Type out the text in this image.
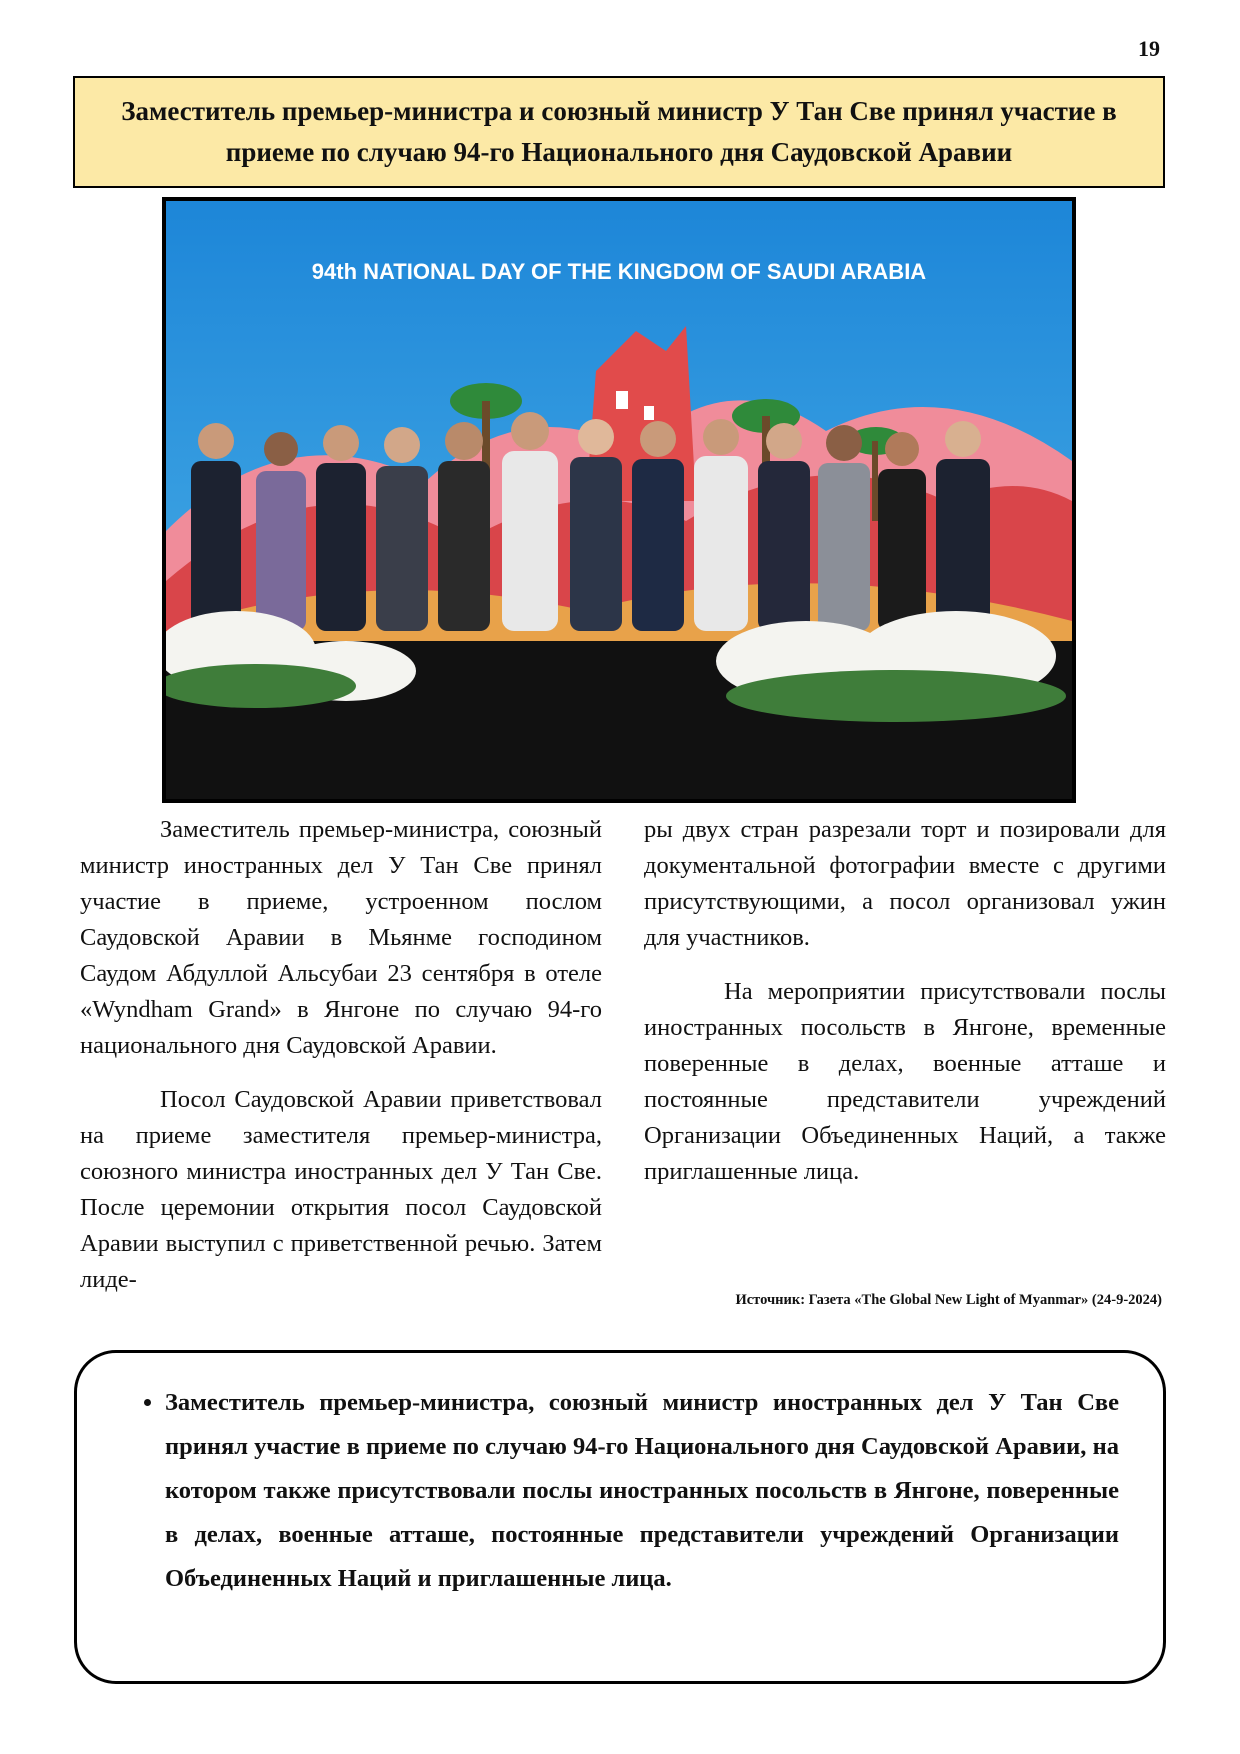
19
Заместитель премьер-министра и союзный министр У Тан Све принял участие в приеме по случаю 94-го Национального дня Саудовской Аравии
94th NATIONAL DAY OF THE KINGDOM OF SAUDI ARABIA

Заместитель премьер-министра, союзный министр иностранных дел У Тан Све принял участие в приеме, устроенном послом Саудовской Аравии в Мьянме господином Саудом Абдуллой Альсубаи 23 сентября в отеле «Wyndham Grand» в Янгоне по случаю 94-го национального дня Саудовской Аравии.

Посол Саудовской Аравии приветствовал на приеме заместителя премьер-министра, союзного министра иностранных дел У Тан Све. После церемонии открытия посол Саудовской Аравии выступил с приветственной речью. Затем лиде-

ры двух стран разрезали торт и позировали для документальной фотографии вместе с другими присутствующими, а посол организовал ужин для участников.

На мероприятии присутствовали послы иностранных посольств в Янгоне, временные поверенные в делах, военные атташе и постоянные представители учреждений Организации Объединенных Наций, а также приглашенные лица.

Источник: Газета «The Global New Light of Myanmar» (24-9-2024)
• Заместитель премьер-министра, союзный министр иностранных дел У Тан Све принял участие в приеме по случаю 94-го Национального дня Саудовской Аравии, на котором также присутствовали послы иностранных посольств в Янгоне, поверенные в делах, военные атташе, постоянные представители учреждений Организации Объединенных Наций и приглашенные лица.
